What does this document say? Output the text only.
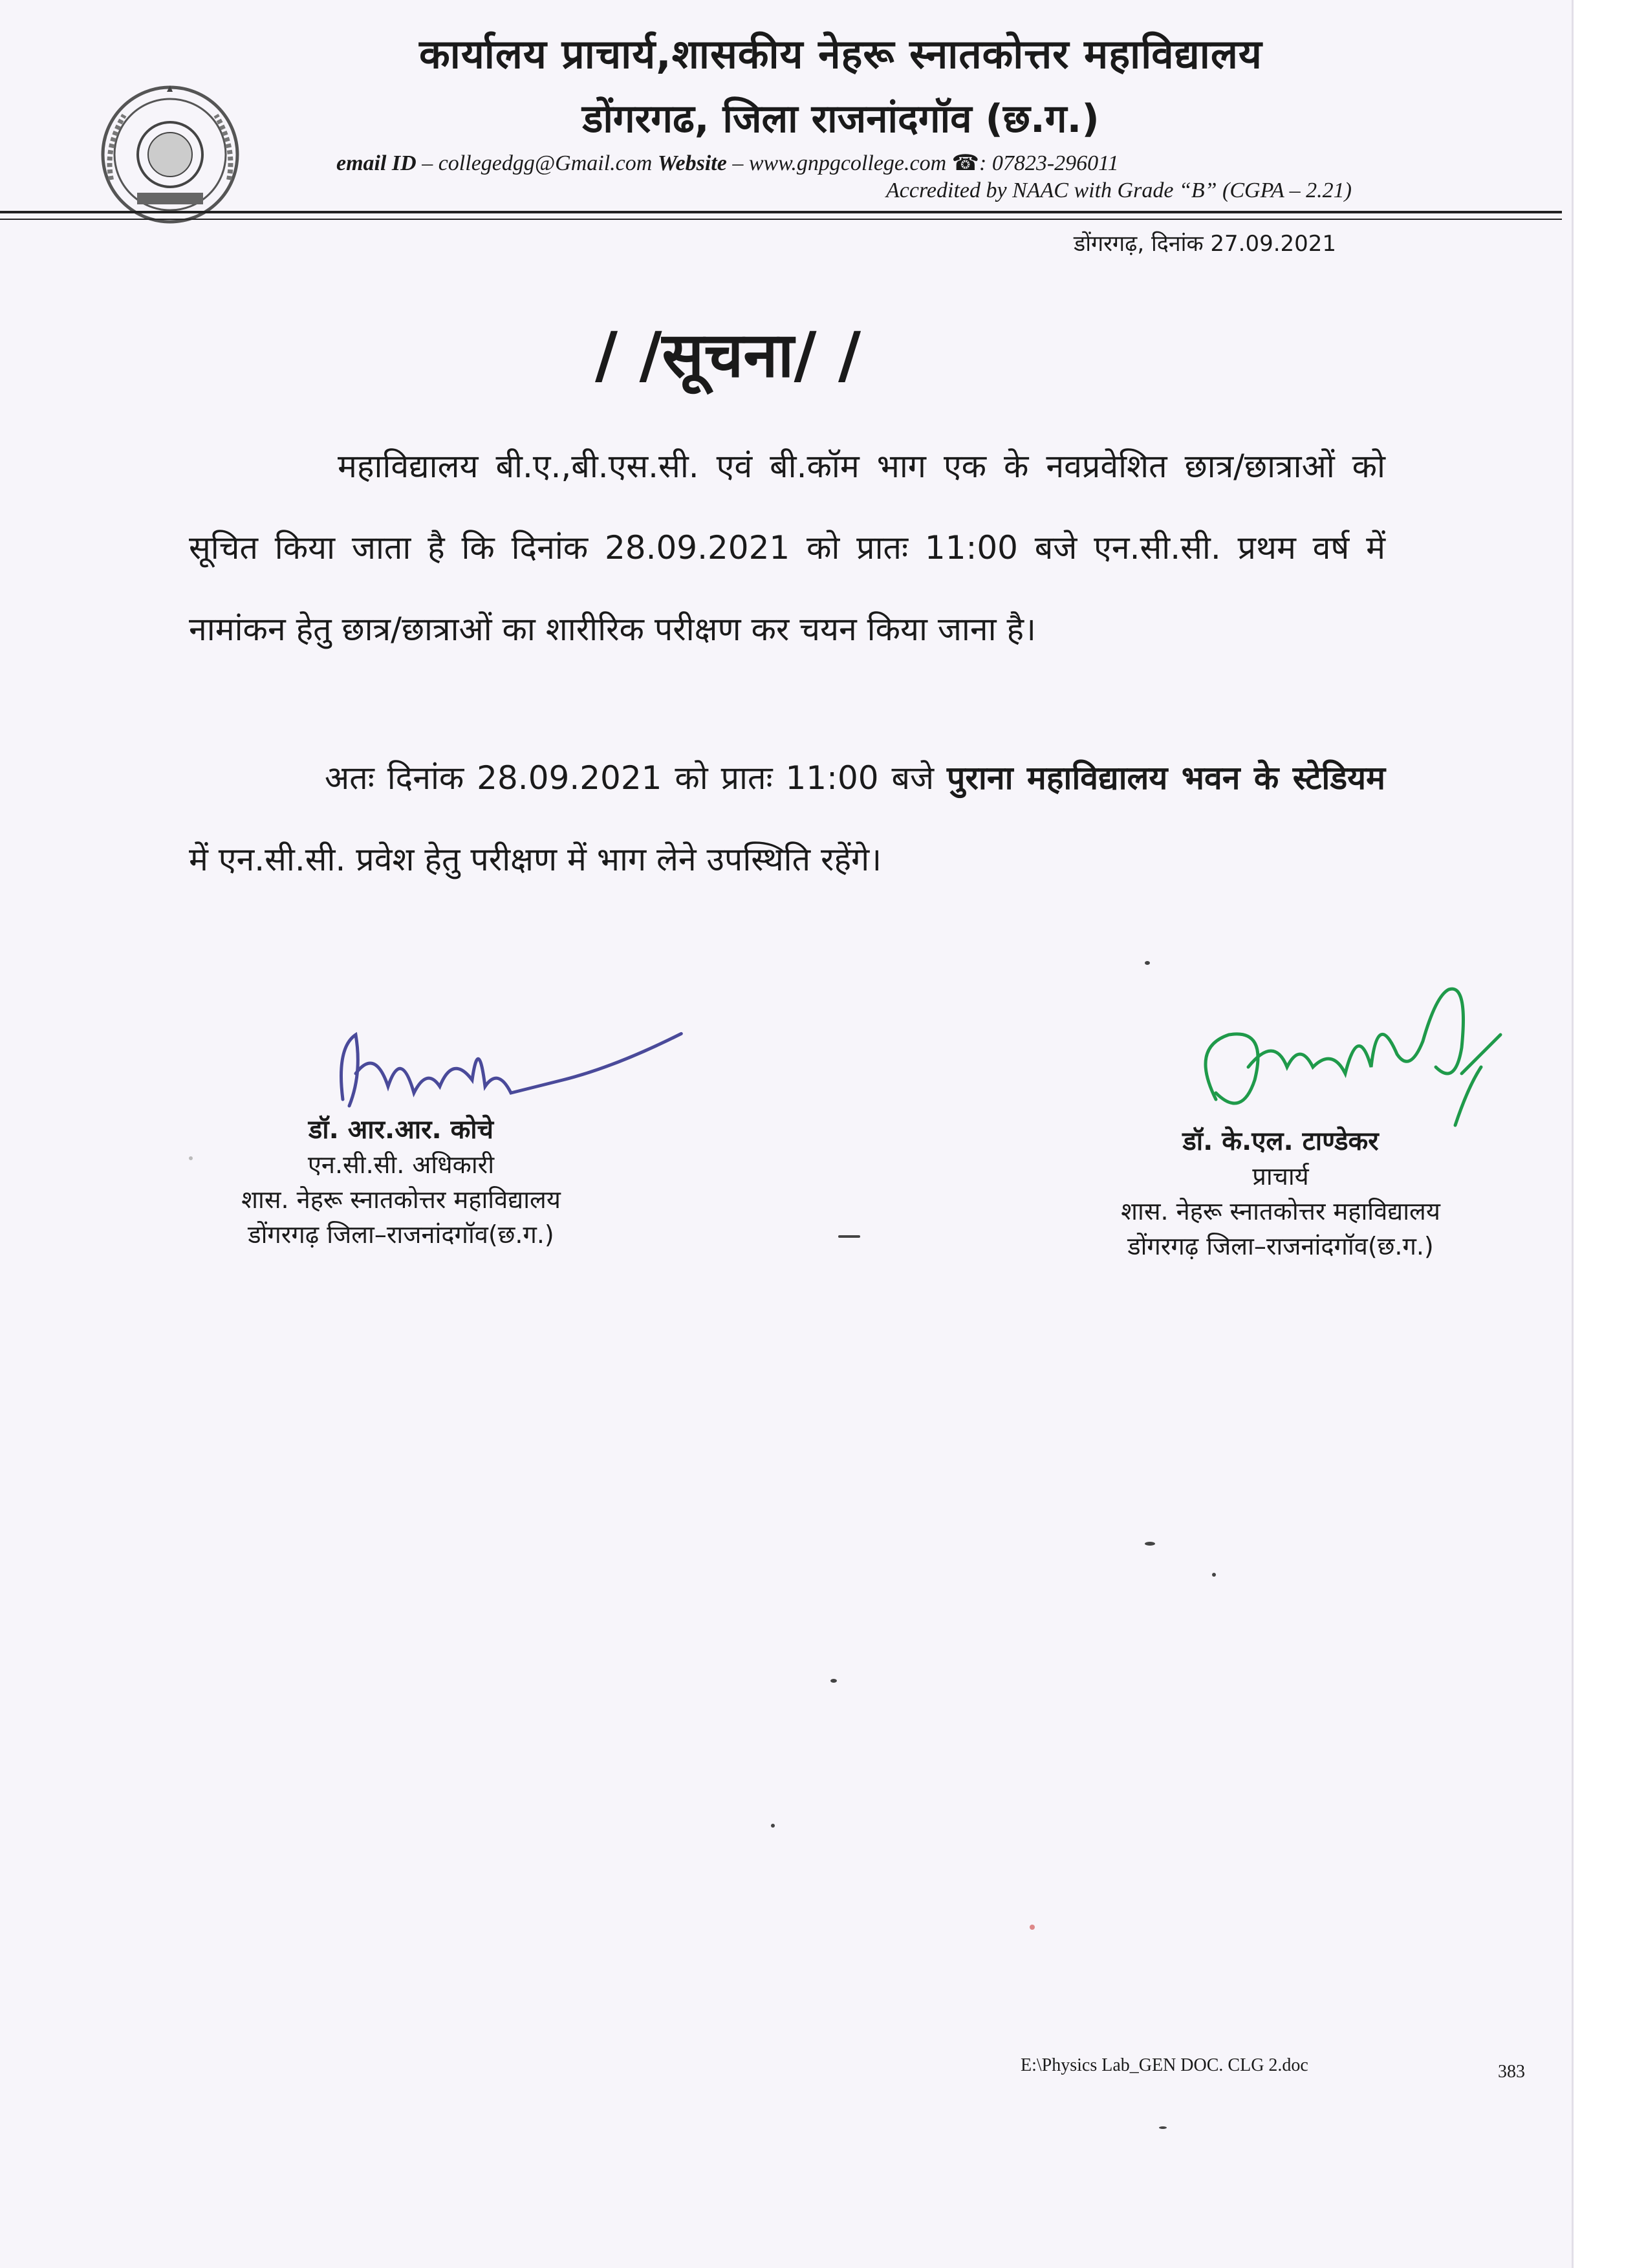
कार्यालय प्राचार्य,शासकीय नेहरू स्नातकोत्तर महाविद्यालय
डोंगरगढ, जिला राजनांदगॉव (छ.ग.)
email ID – collegedgg@Gmail.com Website – www.gnpgcollege.com ☎: 07823-296011
Accredited by NAAC with Grade “B” (CGPA – 2.21)
डोंगरगढ़, दिनांक 27.09.2021
/ /सूचना/ /
महाविद्यालय बी.ए.,बी.एस.सी. एवं बी.कॉम भाग एक के नवप्रवेशित छात्र/छात्राओं को सूचित किया जाता है कि दिनांक 28.09.2021 को प्रातः 11:00 बजे एन.सी.सी. प्रथम वर्ष में नामांकन हेतु छात्र/छात्राओं का शारीरिक परीक्षण कर चयन किया जाना है।
अतः दिनांक 28.09.2021 को प्रातः 11:00 बजे पुराना महाविद्यालय भवन के स्टेडियम में एन.सी.सी. प्रवेश हेतु परीक्षण में भाग लेने उपस्थिति रहेंगे।
डॉ. आर.आर. कोचे
एन.सी.सी. अधिकारी
शास. नेहरू स्नातकोत्तर महाविद्यालय
डोंगरगढ़ जिला–राजनांदगॉव(छ.ग.)
डॉ. के.एल. टाण्डेकर
प्राचार्य
शास. नेहरू स्नातकोत्तर महाविद्यालय
डोंगरगढ़ जिला–राजनांदगॉव(छ.ग.)
E:\Physics Lab_GEN DOC. CLG 2.doc	383
